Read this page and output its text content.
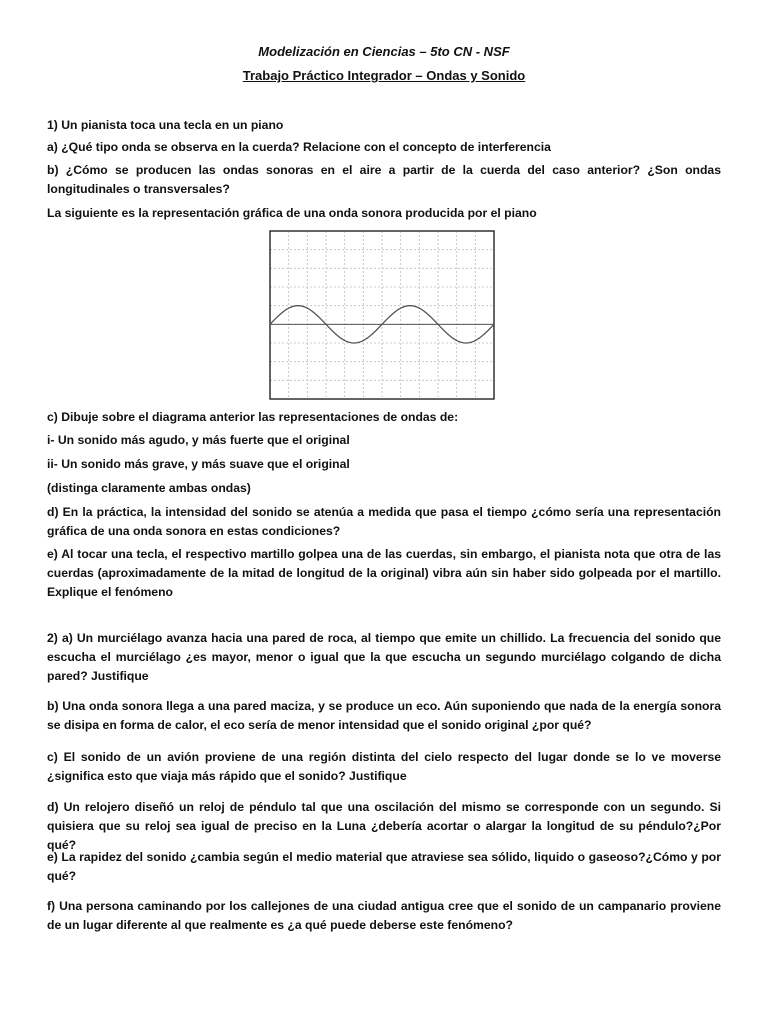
Modelización en Ciencias – 5to CN - NSF
Trabajo Práctico Integrador – Ondas y Sonido

1) Un pianista toca una tecla en un piano

a) ¿Qué tipo onda se observa en la cuerda? Relacione con el concepto de interferencia

b) ¿Cómo se producen las ondas sonoras en el aire a partir de la cuerda del caso anterior? ¿Son ondas longitudinales o transversales?

La siguiente es la representación gráfica de una onda sonora producida por el piano

c) Dibuje sobre el diagrama anterior las representaciones de ondas de:

i- Un sonido más agudo, y más fuerte que el original

ii- Un sonido más grave, y más suave que el original

(distinga claramente ambas ondas)

d) En la práctica, la intensidad del sonido se atenúa a medida que pasa el tiempo ¿cómo sería una representación gráfica de una onda sonora en estas condiciones?

e) Al tocar una tecla, el respectivo martillo golpea una de las cuerdas, sin embargo, el pianista nota que otra de las cuerdas (aproximadamente de la mitad de longitud de la original) vibra aún sin haber sido golpeada por el martillo. Explique el fenómeno

2) a) Un murciélago avanza hacia una pared de roca, al tiempo que emite un chillido. La frecuencia del sonido que escucha el murciélago ¿es mayor, menor o igual que la que escucha un segundo murciélago colgando de dicha pared? Justifique

b) Una onda sonora llega a una pared maciza, y se produce un eco. Aún suponiendo que nada de la energía sonora se disipa en forma de calor, el eco sería de menor intensidad que el sonido original ¿por qué?

c) El sonido de un avión proviene de una región distinta del cielo respecto del lugar donde se lo ve moverse ¿significa esto que viaja más rápido que el sonido? Justifique

d) Un relojero diseñó un reloj de péndulo tal que una oscilación del mismo se corresponde con un segundo. Si quisiera que su reloj sea igual de preciso en la Luna ¿debería acortar o alargar la longitud de su péndulo?¿Por qué?

e) La rapidez del sonido ¿cambia según el medio material que atraviese sea sólido, liquido o gaseoso?¿Cómo y por qué?

f) Una persona caminando por los callejones de una ciudad antigua cree que el sonido de un campanario proviene de un lugar diferente al que realmente es ¿a qué puede deberse este fenómeno?
